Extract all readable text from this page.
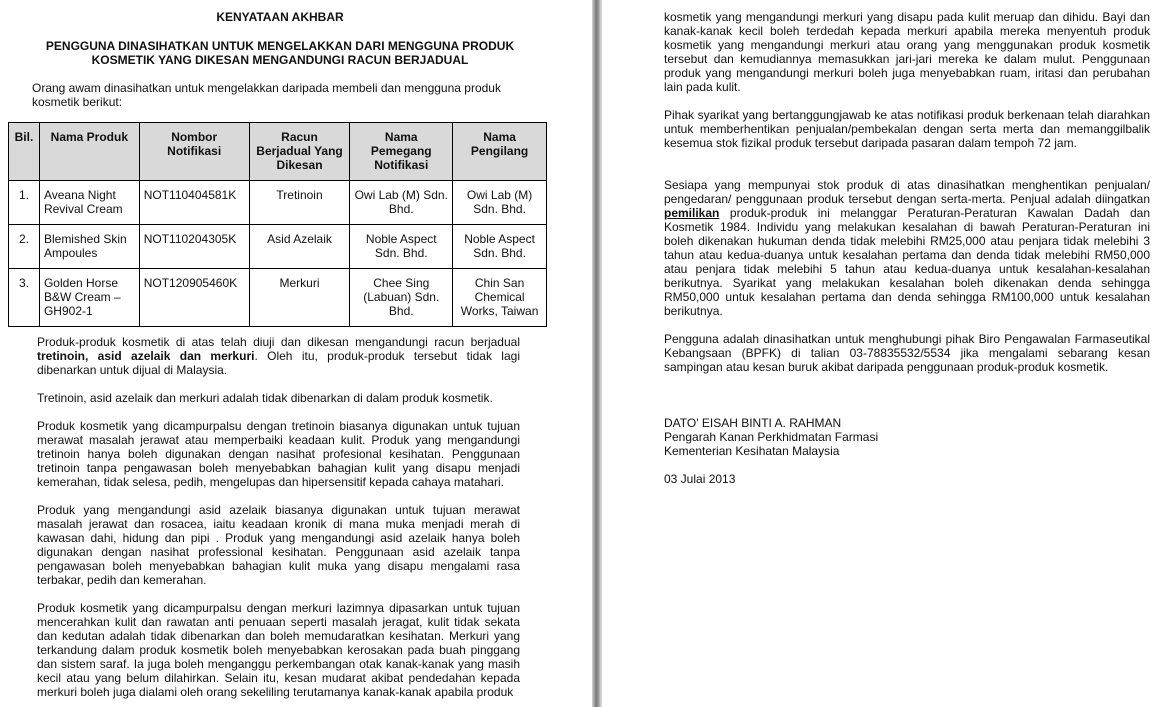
KENYATAAN AKHBAR
PENGGUNA DINASIHATKAN UNTUK MENGELAKKAN DARI MENGGUNA PRODUK
KOSMETIK YANG DIKESAN MENGANDUNGI RACUN BERJADUAL
Orang awam dinasihatkan untuk mengelakkan daripada membeli dan mengguna produk kosmetik berikut:
Bil.	Nama Produk	Nombor Notifikasi	Racun Berjadual Yang Dikesan	Nama Pemegang Notifikasi	Nama Pengilang
1.	Aveana Night Revival Cream	NOT110404581K	Tretinoin	Owi Lab (M) Sdn. Bhd.	Owi Lab (M) Sdn. Bhd.
2.	Blemished Skin Ampoules	NOT110204305K	Asid Azelaik	Noble Aspect Sdn. Bhd.	Noble Aspect Sdn. Bhd.
3.	Golden Horse B&W Cream – GH902-1	NOT120905460K	Merkuri	Chee Sing (Labuan) Sdn. Bhd.	Chin San Chemical Works, Taiwan
Produk-produk kosmetik di atas telah diuji dan dikesan mengandungi racun berjadual tretinoin, asid azelaik dan merkuri. Oleh itu, produk-produk tersebut tidak lagi dibenarkan untuk dijual di Malaysia.
Tretinoin, asid azelaik dan merkuri adalah tidak dibenarkan di dalam produk kosmetik.
Produk kosmetik yang dicampurpalsu dengan tretinoin biasanya digunakan untuk tujuan merawat masalah jerawat atau memperbaiki keadaan kulit. Produk yang mengandungi tretinoin hanya boleh digunakan dengan nasihat profesional kesihatan. Penggunaan tretinoin tanpa pengawasan boleh menyebabkan bahagian kulit yang disapu menjadi kemerahan, tidak selesa, pedih, mengelupas dan hipersensitif kepada cahaya matahari.
Produk yang mengandungi asid azelaik biasanya digunakan untuk tujuan merawat masalah jerawat dan rosacea, iaitu keadaan kronik di mana muka menjadi merah di kawasan dahi, hidung dan pipi . Produk yang mengandungi asid azelaik hanya boleh digunakan dengan nasihat professional kesihatan. Penggunaan asid azelaik tanpa pengawasan boleh menyebabkan bahagian kulit muka yang disapu mengalami rasa terbakar, pedih dan kemerahan.
Produk kosmetik yang dicampurpalsu dengan merkuri lazimnya dipasarkan untuk tujuan mencerahkan kulit dan rawatan anti penuaan seperti masalah jeragat, kulit tidak sekata dan kedutan adalah tidak dibenarkan dan boleh memudaratkan kesihatan. Merkuri yang terkandung dalam produk kosmetik boleh menyebabkan kerosakan pada buah pinggang dan sistem saraf. Ia juga boleh menganggu perkembangan otak kanak-kanak yang masih kecil atau yang belum dilahirkan. Selain itu, kesan mudarat akibat pendedahan kepada merkuri boleh juga dialami oleh orang sekeliling terutamanya kanak-kanak apabila produk
kosmetik yang mengandungi merkuri yang disapu pada kulit meruap dan dihidu. Bayi dan kanak-kanak kecil boleh terdedah kepada merkuri apabila mereka menyentuh produk kosmetik yang mengandungi merkuri atau orang yang menggunakan produk kosmetik tersebut dan kemudiannya memasukkan jari-jari mereka ke dalam mulut. Penggunaan produk yang mengandungi merkuri boleh juga menyebabkan ruam, iritasi dan perubahan lain pada kulit.
Pihak syarikat yang bertanggungjawab ke atas notifikasi produk berkenaan telah diarahkan untuk memberhentikan penjualan/pembekalan dengan serta merta dan memanggilbalik kesemua stok fizikal produk tersebut daripada pasaran dalam tempoh 72 jam.
Sesiapa yang mempunyai stok produk di atas dinasihatkan menghentikan penjualan/ pengedaran/ penggunaan produk tersebut dengan serta-merta. Penjual adalah diingatkan pemilikan produk-produk ini melanggar Peraturan-Peraturan Kawalan Dadah dan Kosmetik 1984. Individu yang melakukan kesalahan di bawah Peraturan-Peraturan ini boleh dikenakan hukuman denda tidak melebihi RM25,000 atau penjara tidak melebihi 3 tahun atau kedua-duanya untuk kesalahan pertama dan denda tidak melebihi RM50,000 atau penjara tidak melebihi 5 tahun atau kedua-duanya untuk kesalahan-kesalahan berikutnya. Syarikat yang melakukan kesalahan boleh dikenakan denda sehingga RM50,000 untuk kesalahan pertama dan denda sehingga RM100,000 untuk kesalahan berikutnya.
Pengguna adalah dinasihatkan untuk menghubungi pihak Biro Pengawalan Farmaseutikal Kebangsaan (BPFK) di talian 03-78835532/5534 jika mengalami sebarang kesan sampingan atau kesan buruk akibat daripada penggunaan produk-produk kosmetik.
DATO' EISAH BINTI A. RAHMAN
Pengarah Kanan Perkhidmatan Farmasi
Kementerian Kesihatan Malaysia
03 Julai 2013
